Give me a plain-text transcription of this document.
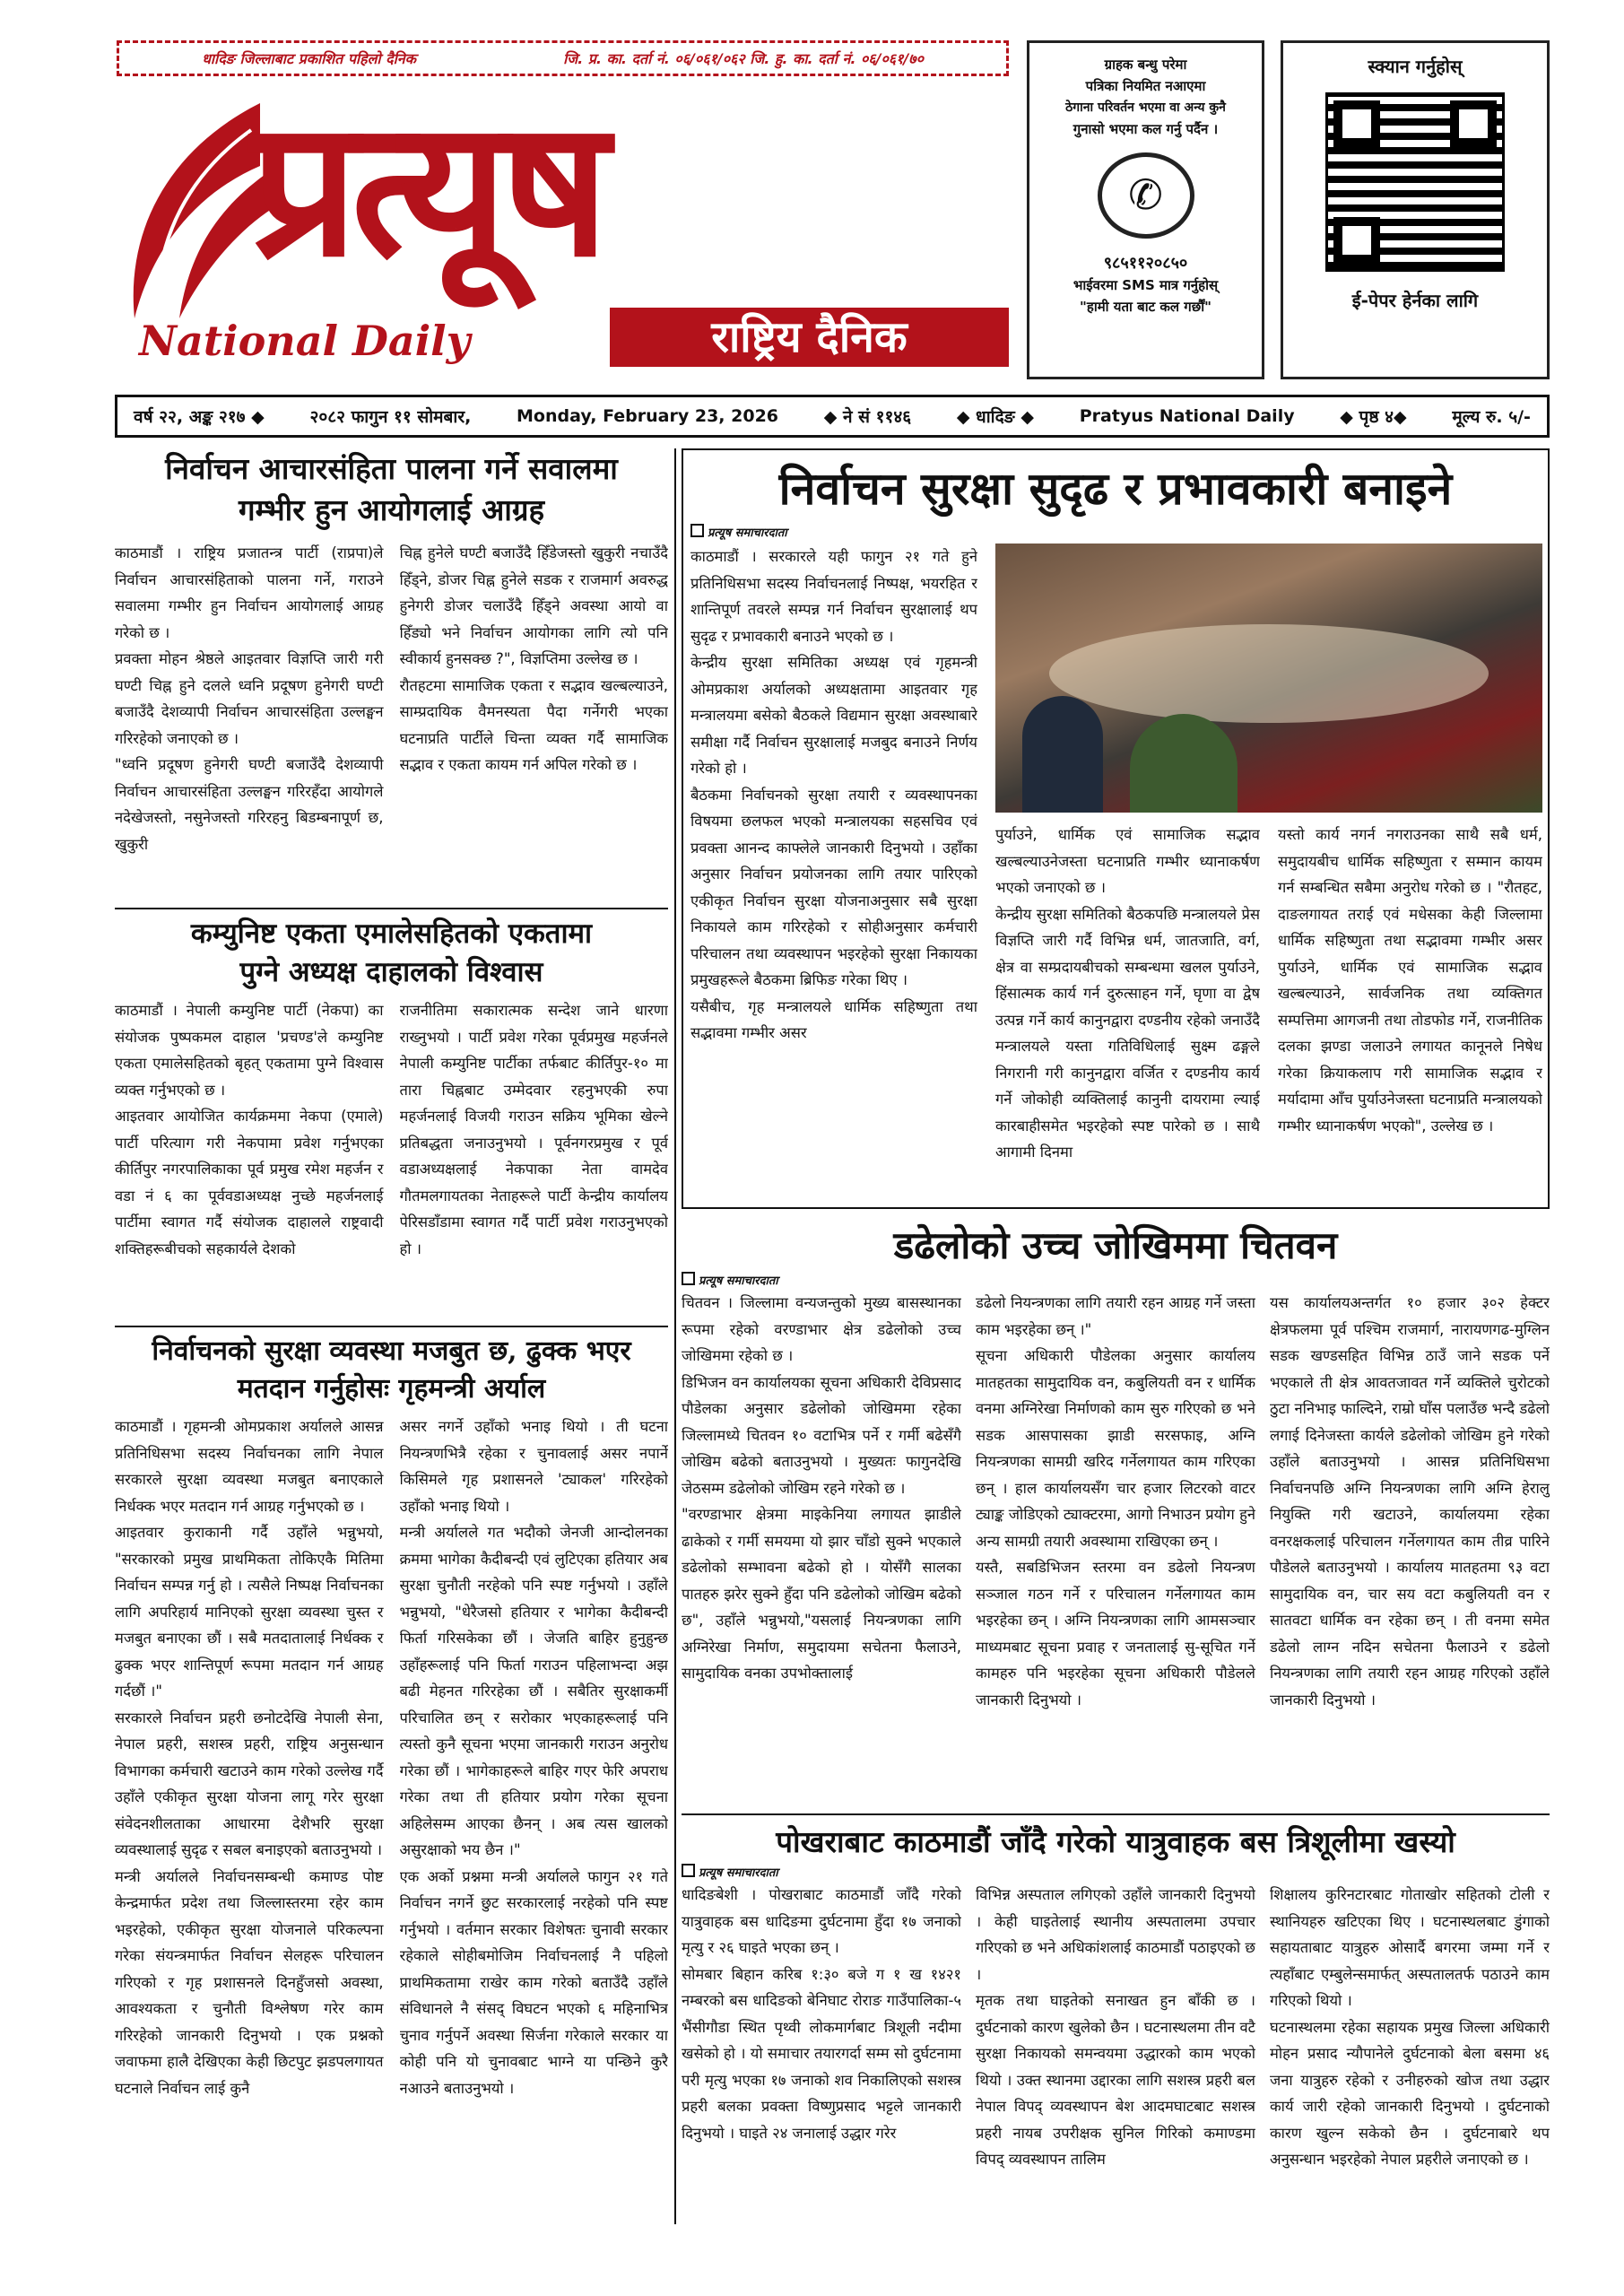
धादिङ जिल्लाबाट प्रकाशित पहिलो दैनिक	जि. प्र. का. दर्ता नं. ०६/०६१/०६२ जि. हु. का. दर्ता नं. ०६/०६१/७०
प्रत्यूष
National Daily	राष्ट्रिय दैनिक
ग्राहक बन्धु परेमा
पत्रिका नियमित नआएमा
ठेगाना परिवर्तन भएमा वा अन्य कुनै
गुनासो भएमा कल गर्नु पर्दैन ।
✆
९८५११२०८५०
भाईवरमा SMS मात्र गर्नुहोस्
"हामी यता बाट कल गर्छौं"
स्क्यान गर्नुहोस्
ई-पेपर हेर्नका लागि
वर्ष २२, अङ्क २१७ ◆	२०८२ फागुन ११ सोमबार,	Monday, February 23, 2026	◆ ने सं ११४६	◆ धादिङ ◆	Pratyus National Daily	◆ पृष्ठ ४◆	मूल्य रु. ५/-
निर्वाचन आचारसंहिता पालना गर्ने सवालमा
गम्भीर हुन आयोगलाई आग्रह
काठमाडौं । राष्ट्रिय प्रजातन्त्र पार्टी (राप्रपा)ले निर्वाचन आचारसंहिताको पालना गर्ने, गराउने सवालमा गम्भीर हुन निर्वाचन आयोगलाई आग्रह गरेको छ ।
प्रवक्ता मोहन श्रेष्ठले आइतवार विज्ञप्ति जारी गरी घण्टी चिह्न हुने दलले ध्वनि प्रदूषण हुनेगरी घण्टी बजाउँदै देशव्यापी निर्वाचन आचारसंहिता उल्लङ्घन गरिरहेको जनाएको छ ।
"ध्वनि प्रदूषण हुनेगरी घण्टी बजाउँदै देशव्यापी निर्वाचन आचारसंहिता उल्लङ्घन गरिरहँदा आयोगले नदेखेजस्तो, नसुनेजस्तो गरिरहनु बिडम्बनापूर्ण छ, खुकुरी
चिह्न हुनेले घण्टी बजाउँदै हिँडेजस्तो खुकुरी नचाउँदै हिँड्ने, डोजर चिह्न हुनेले सडक र राजमार्ग अवरुद्ध हुनेगरी डोजर चलाउँदै हिँड्ने अवस्था आयो वा हिँड्यो भने निर्वाचन आयोगका लागि त्यो पनि स्वीकार्य हुनसक्छ ?", विज्ञप्तिमा उल्लेख छ ।
रौतहटमा सामाजिक एकता र सद्भाव खल्बल्याउने, साम्प्रदायिक वैमनस्यता पैदा गर्नेगरी भएका घटनाप्रति पार्टीले चिन्ता व्यक्त गर्दै सामाजिक सद्भाव र एकता कायम गर्न अपिल गरेको छ ।
कम्युनिष्ट एकता एमालेसहितको एकतामा
पुग्ने अध्यक्ष दाहालको विश्वास
काठमाडौं । नेपाली कम्युनिष्ट पार्टी (नेकपा) का संयोजक पुष्पकमल दाहाल 'प्रचण्ड'ले कम्युनिष्ट एकता एमालेसहितको बृहत् एकतामा पुग्ने विश्वास व्यक्त गर्नुभएको छ ।
आइतवार आयोजित कार्यक्रममा नेकपा (एमाले) पार्टी परित्याग गरी नेकपामा प्रवेश गर्नुभएका कीर्तिपुर नगरपालिकाका पूर्व प्रमुख रमेश महर्जन र वडा नं ६ का पूर्ववडाअध्यक्ष नुच्छे महर्जनलाई पार्टीमा स्वागत गर्दै संयोजक दाहालले राष्ट्रवादी शक्तिहरूबीचको सहकार्यले देशको
राजनीतिमा सकारात्मक सन्देश जाने धारणा राख्नुभयो । पार्टी प्रवेश गरेका पूर्वप्रमुख महर्जनले नेपाली कम्युनिष्ट पार्टीका तर्फबाट कीर्तिपुर-१० मा तारा चिह्नबाट उम्मेदवार रहनुभएकी रुपा महर्जनलाई विजयी गराउन सक्रिय भूमिका खेल्ने प्रतिबद्धता जनाउनुभयो । पूर्वनगरप्रमुख र पूर्व वडाअध्यक्षलाई नेकपाका नेता वामदेव गौतमलगायतका नेताहरूले पार्टी केन्द्रीय कार्यालय पेरिसडाँडामा स्वागत गर्दै पार्टी प्रवेश गराउनुभएको हो ।
निर्वाचनको सुरक्षा व्यवस्था मजबुत छ, ढुक्क भएर
मतदान गर्नुहोसः गृहमन्त्री अर्याल
काठमाडौं । गृहमन्त्री ओमप्रकाश अर्यालले आसन्न प्रतिनिधिसभा सदस्य निर्वाचनका लागि नेपाल सरकारले सुरक्षा व्यवस्था मजबुत बनाएकाले निर्धक्क भएर मतदान गर्न आग्रह गर्नुभएको छ ।
आइतवार कुराकानी गर्दै उहाँले भन्नुभयो, "सरकारको प्रमुख प्राथमिकता तोकिएकै मितिमा निर्वाचन सम्पन्न गर्नु हो । त्यसैले निष्पक्ष निर्वाचनका लागि अपरिहार्य मानिएको सुरक्षा व्यवस्था चुस्त र मजबुत बनाएका छौं । सबै मतदातालाई निर्धक्क र ढुक्क भएर शान्तिपूर्ण रूपमा मतदान गर्न आग्रह गर्दछौं ।"
सरकारले निर्वाचन प्रहरी छनोटदेखि नेपाली सेना, नेपाल प्रहरी, सशस्त्र प्रहरी, राष्ट्रिय अनुसन्धान विभागका कर्मचारी खटाउने काम गरेको उल्लेख गर्दै उहाँले एकीकृत सुरक्षा योजना लागू गरेर सुरक्षा संवेदनशीलताका आधारमा देशैभरि सुरक्षा व्यवस्थालाई सुदृढ र सबल बनाइएको बताउनुभयो ।
मन्त्री अर्यालले निर्वाचनसम्बन्धी कमाण्ड पोष्ट केन्द्रमार्फत प्रदेश तथा जिल्लास्तरमा रहेर काम भइरहेको, एकीकृत सुरक्षा योजनाले परिकल्पना गरेका संयन्त्रमार्फत निर्वाचन सेलहरू परिचालन गरिएको र गृह प्रशासनले दिनहुँजसो अवस्था, आवश्यकता र चुनौती विश्लेषण गरेर काम गरिरहेको जानकारी दिनुभयो । एक प्रश्नको जवाफमा हालै देखिएका केही छिटपुट झडपलगायत घटनाले निर्वाचन लाई कुनै
असर नगर्ने उहाँको भनाइ थियो । ती घटना नियन्त्रणभित्रै रहेका र चुनावलाई असर नपार्ने किसिमले गृह प्रशासनले 'ट्याकल' गरिरहेको उहाँको भनाइ थियो ।
मन्त्री अर्यालले गत भदौको जेनजी आन्दोलनका क्रममा भागेका कैदीबन्दी एवं लुटिएका हतियार अब सुरक्षा चुनौती नरहेको पनि स्पष्ट गर्नुभयो । उहाँले भन्नुभयो, "धेरैजसो हतियार र भागेका कैदीबन्दी फिर्ता गरिसकेका छौं । जेजति बाहिर हुनुहुन्छ उहाँहरूलाई पनि फिर्ता गराउन पहिलाभन्दा अझ बढी मेहनत गरिरहेका छौं । सबैतिर सुरक्षाकर्मी परिचालित छन् र सरोकार भएकाहरूलाई पनि त्यस्तो कुनै सूचना भएमा जानकारी गराउन अनुरोध गरेका छौं । भागेकाहरूले बाहिर गएर फेरि अपराध गरेका तथा ती हतियार प्रयोग गरेका सूचना अहिलेसम्म आएका छैनन् । अब त्यस खालको असुरक्षाको भय छैन ।"
एक अर्को प्रश्नमा मन्त्री अर्यालले फागुन २१ गते निर्वाचन नगर्ने छुट सरकारलाई नरहेको पनि स्पष्ट गर्नुभयो । वर्तमान सरकार विशेषतः चुनावी सरकार रहेकाले सोहीबमोजिम निर्वाचनलाई नै पहिलो प्राथमिकतामा राखेर काम गरेको बताउँदै उहाँले संविधानले नै संसद् विघटन भएको ६ महिनाभित्र चुनाव गर्नुपर्ने अवस्था सिर्जना गरेकाले सरकार या कोही पनि यो चुनावबाट भाग्ने या पन्छिने कुरै नआउने बताउनुभयो ।
निर्वाचन सुरक्षा सुदृढ र प्रभावकारी बनाइने
प्रत्यूष समाचारदाता
काठमाडौं । सरकारले यही फागुन २१ गते हुने प्रतिनिधिसभा सदस्य निर्वाचनलाई निष्पक्ष, भयरहित र शान्तिपूर्ण तवरले सम्पन्न गर्न निर्वाचन सुरक्षालाई थप सुदृढ र प्रभावकारी बनाउने भएको छ ।
केन्द्रीय सुरक्षा समितिका अध्यक्ष एवं गृहमन्त्री ओमप्रकाश अर्यालको अध्यक्षतामा आइतवार गृह मन्त्रालयमा बसेको बैठकले विद्यमान सुरक्षा अवस्थाबारे समीक्षा गर्दै निर्वाचन सुरक्षालाई मजबुद बनाउने निर्णय गरेको हो ।
बैठकमा निर्वाचनको सुरक्षा तयारी र व्यवस्थापनका विषयमा छलफल भएको मन्त्रालयका सहसचिव एवं प्रवक्ता आनन्द काफ्लेले जानकारी दिनुभयो । उहाँका अनुसार निर्वाचन प्रयोजनका लागि तयार पारिएको एकीकृत निर्वाचन सुरक्षा योजनाअनुसार सबै सुरक्षा निकायले काम गरिरहेको र सोहीअनुसार कर्मचारी परिचालन तथा व्यवस्थापन भइरहेको सुरक्षा निकायका प्रमुखहरूले बैठकमा ब्रिफिङ गरेका थिए ।
यसैबीच, गृह मन्त्रालयले धार्मिक सहिष्णुता तथा सद्भावमा गम्भीर असर
पुर्याउने, धार्मिक एवं सामाजिक सद्भाव खल्बल्याउनेजस्ता घटनाप्रति गम्भीर ध्यानाकर्षण भएको जनाएको छ ।
केन्द्रीय सुरक्षा समितिको बैठकपछि मन्त्रालयले प्रेस विज्ञप्ति जारी गर्दै विभिन्न धर्म, जातजाति, वर्ग, क्षेत्र वा सम्प्रदायबीचको सम्बन्धमा खलल पुर्याउने, हिंसात्मक कार्य गर्न दुरुत्साहन गर्ने, घृणा वा द्वेष उत्पन्न गर्ने कार्य कानुनद्वारा दण्डनीय रहेको जनाउँदै मन्त्रालयले यस्ता गतिविधिलाई सुक्ष्म ढङ्गले निगरानी गरी कानुनद्वारा वर्जित र दण्डनीय कार्य गर्ने जोकोही व्यक्तिलाई कानुनी दायरामा ल्याई कारबाहीसमेत भइरहेको स्पष्ट पारेको छ । साथै आगामी दिनमा
यस्तो कार्य नगर्न नगराउनका साथै सबै धर्म, समुदायबीच धार्मिक सहिष्णुता र सम्मान कायम गर्न सम्बन्धित सबैमा अनुरोध गरेको छ । "रौतहट, दाङलगायत तराई एवं मधेसका केही जिल्लामा धार्मिक सहिष्णुता तथा सद्भावमा गम्भीर असर पुर्याउने, धार्मिक एवं सामाजिक सद्भाव खल्बल्याउने, सार्वजनिक तथा व्यक्तिगत सम्पत्तिमा आगजनी तथा तोडफोड गर्ने, राजनीतिक दलका झण्डा जलाउने लगायत कानूनले निषेध गरेका क्रियाकलाप गरी सामाजिक सद्भाव र मर्यादामा आँच पुर्याउनेजस्ता घटनाप्रति मन्त्रालयको गम्भीर ध्यानाकर्षण भएको", उल्लेख छ ।
डढेलोको उच्च जोखिममा चितवन
प्रत्यूष समाचारदाता
चितवन । जिल्लामा वन्यजन्तुको मुख्य बासस्थानका रूपमा रहेको वरण्डाभार क्षेत्र डढेलोको उच्च जोखिममा रहेको छ ।
डिभिजन वन कार्यालयका सूचना अधिकारी देविप्रसाद पौडेलका अनुसार डढेलोको जोखिममा रहेका जिल्लामध्ये चितवन १० वटाभित्र पर्ने र गर्मी बढेसँगै जोखिम बढेको बताउनुभयो । मुख्यतः फागुनदेखि जेठसम्म डढेलोको जोखिम रहने गरेको छ ।
"वरण्डाभार क्षेत्रमा माइकेनिया लगायत झाडीले ढाकेको र गर्मी समयमा यो झार चाँडो सुक्ने भएकाले डढेलोको सम्भावना बढेको हो । योसँगै सालका पातहरु झरेर सुक्ने हुँदा पनि डढेलोको जोखिम बढेको छ", उहाँले भन्नुभयो,"यसलाई नियन्त्रणका लागि अग्निरेखा निर्माण, समुदायमा सचेतना फैलाउने, सामुदायिक वनका उपभोक्तालाई
डढेलो नियन्त्रणका लागि तयारी रहन आग्रह गर्ने जस्ता काम भइरहेका छन् ।"
सूचना अधिकारी पौडेलका अनुसार कार्यालय मातहतका सामुदायिक वन, कबुलियती वन र धार्मिक वनमा अग्निरेखा निर्माणको काम सुरु गरिएको छ भने सडक आसपासका झाडी सरसफाइ, अग्नि नियन्त्रणका सामग्री खरिद गर्नेलगायत काम गरिएका छन् । हाल कार्यालयसँग चार हजार लिटरको वाटर ट्याङ्क जोडिएको ट्याक्टरमा, आगो निभाउन प्रयोग हुने अन्य सामग्री तयारी अवस्थामा राखिएका छन् ।
यस्तै, सबडिभिजन स्तरमा वन डढेलो नियन्त्रण सञ्जाल गठन गर्ने र परिचालन गर्नेलगायत काम भइरहेका छन् । अग्नि नियन्त्रणका लागि आमसञ्चार माध्यमबाट सूचना प्रवाह र जनतालाई सु-सूचित गर्ने कामहरु पनि भइरहेका सूचना अधिकारी पौडेलले जानकारी दिनुभयो ।
यस कार्यालयअन्तर्गत १० हजार ३०२ हेक्टर क्षेत्रफलमा पूर्व पश्चिम राजमार्ग, नारायणगढ-मुग्लिन सडक खण्डसहित विभिन्न ठाउँ जाने सडक पर्ने भएकाले ती क्षेत्र आवतजावत गर्ने व्यक्तिले चुरोटको ठुटा ननिभाइ फाल्दिने, राम्रो घाँस पलाउँछ भन्दै डढेलो लगाई दिनेजस्ता कार्यले डढेलोको जोखिम हुने गरेको उहाँले बताउनुभयो । आसन्न प्रतिनिधिसभा निर्वाचनपछि अग्नि नियन्त्रणका लागि अग्नि हेरालु नियुक्ति गरी खटाउने, कार्यालयमा रहेका वनरक्षकलाई परिचालन गर्नेलगायत काम तीव्र पारिने पौडेलले बताउनुभयो । कार्यालय मातहतमा ९३ वटा सामुदायिक वन, चार सय वटा कबुलियती वन र सातवटा धार्मिक वन रहेका छन् । ती वनमा समेत डढेलो लाग्न नदिन सचेतना फैलाउने र डढेलो नियन्त्रणका लागि तयारी रहन आग्रह गरिएको उहाँले जानकारी दिनुभयो ।
पोखराबाट काठमाडौं जाँदै गरेको यात्रुवाहक बस त्रिशूलीमा खस्यो
प्रत्यूष समाचारदाता
धादिङबेशी । पोखराबाट काठमाडौं जाँदै गरेको यात्रुवाहक बस धादिङमा दुर्घटनामा हुँदा १७ जनाको मृत्यु र २६ घाइते भएका छन् ।
सोमबार बिहान करिब १:३० बजे ग १ ख १४२१ नम्बरको बस धादिङको बेनिघाट रोराङ गाउँपालिका-५ भैंसीगौडा स्थित पृथ्वी लोकमार्गबाट त्रिशूली नदीमा खसेको हो । यो समाचार तयारगर्दा सम्म सो दुर्घटनामा परी मृत्यु भएका १७ जनाको शव निकालिएको सशस्त्र प्रहरी बलका प्रवक्ता विष्णुप्रसाद भट्टले जानकारी दिनुभयो । घाइते २४ जनालाई उद्धार गरेर
विभिन्न अस्पताल लगिएको उहाँले जानकारी दिनुभयो । केही घाइतेलाई स्थानीय अस्पतालमा उपचार गरिएको छ भने अधिकांशलाई काठमाडौं पठाइएको छ ।
मृतक तथा घाइतेको सनाखत हुन बाँकी छ । दुर्घटनाको कारण खुलेको छैन । घटनास्थलमा तीन वटै सुरक्षा निकायको समन्वयमा उद्धारको काम भएको थियो । उक्त स्थानमा उद्दारका लागि सशस्त्र प्रहरी बल नेपाल विपद् व्यवस्थापन बेश आदमघाटबाट सशस्त्र प्रहरी नायब उपरीक्षक सुनिल गिरिको कमाण्डमा विपद् व्यवस्थापन तालिम
शिक्षालय कुरिनटारबाट गोताखोर सहितको टोली र स्थानियहरु खटिएका थिए । घटनास्थलबाट डुंगाको सहायताबाट यात्रुहरु ओसार्दै बगरमा जम्मा गर्ने र त्यहाँबाट एम्बुलेन्समार्फत् अस्पतालतर्फ पठाउने काम गरिएको थियो ।
घटनास्थलमा रहेका सहायक प्रमुख जिल्ला अधिकारी मोहन प्रसाद न्यौपानेले दुर्घटनाको बेला बसमा ४६ जना यात्रुहरु रहेको र उनीहरुको खोज तथा उद्धार कार्य जारी रहेको जानकारी दिनुभयो । दुर्घटनाको कारण खुल्न सकेको छैन । दुर्घटनाबारे थप अनुसन्धान भइरहेको नेपाल प्रहरीले जनाएको छ ।
